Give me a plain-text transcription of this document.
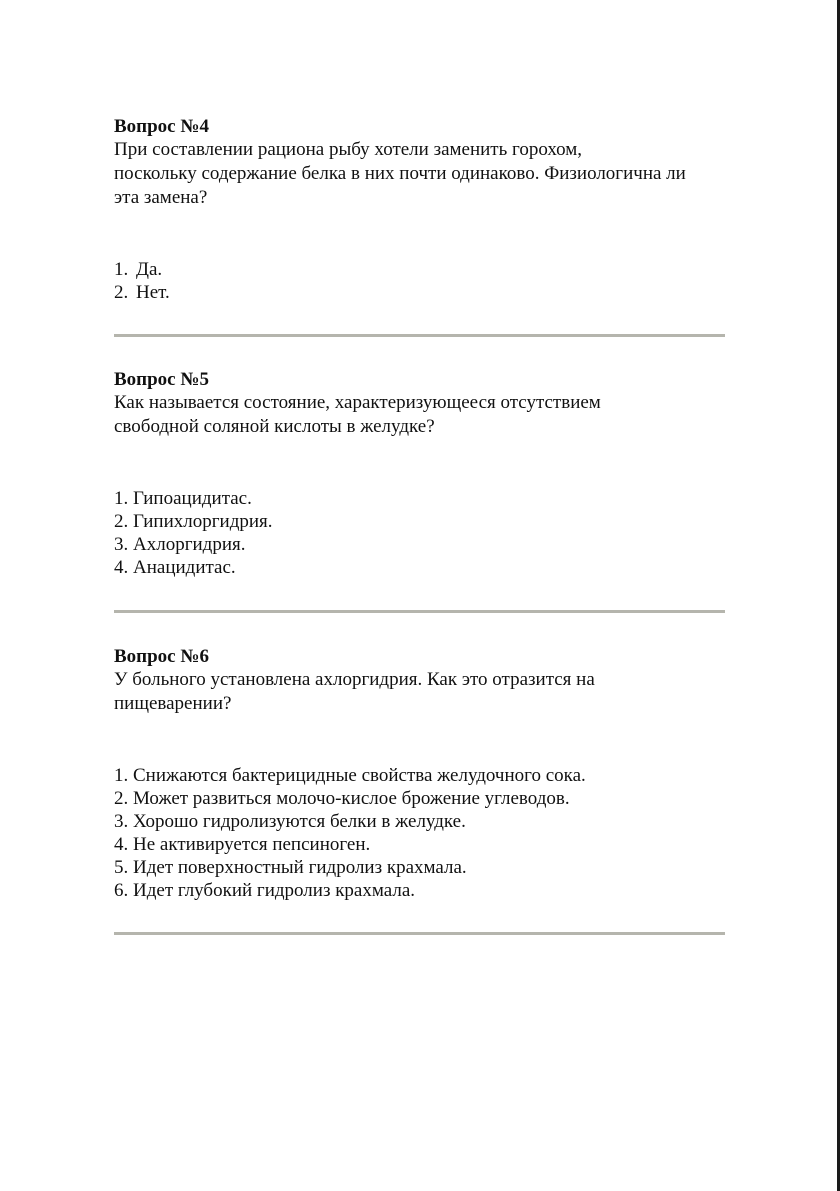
Вопрос №4

При составлении рациона рыбу хотели заменить горохом,

поскольку содержание белка в них почти одинаково. Физиологична ли

эта замена?

1. Да.
2. Нет.

Вопрос №5

Как называется состояние, характеризующееся отсутствием

свободной соляной кислоты в желудке?

1. Гипоацидитас.
2. Гипихлоргидрия.
3. Ахлоргидрия.
4. Анацидитас.

Вопрос №6

У больного установлена ахлоргидрия. Как это отразится на

пищеварении?

1. Снижаются бактерицидные свойства желудочного сока.
2. Может развиться молочо-кислое брожение углеводов.
3. Хорошо гидролизуются белки в желудке.
4. Не активируется пепсиноген.
5. Идет поверхностный гидролиз крахмала.
6. Идет глубокий гидролиз крахмала.
